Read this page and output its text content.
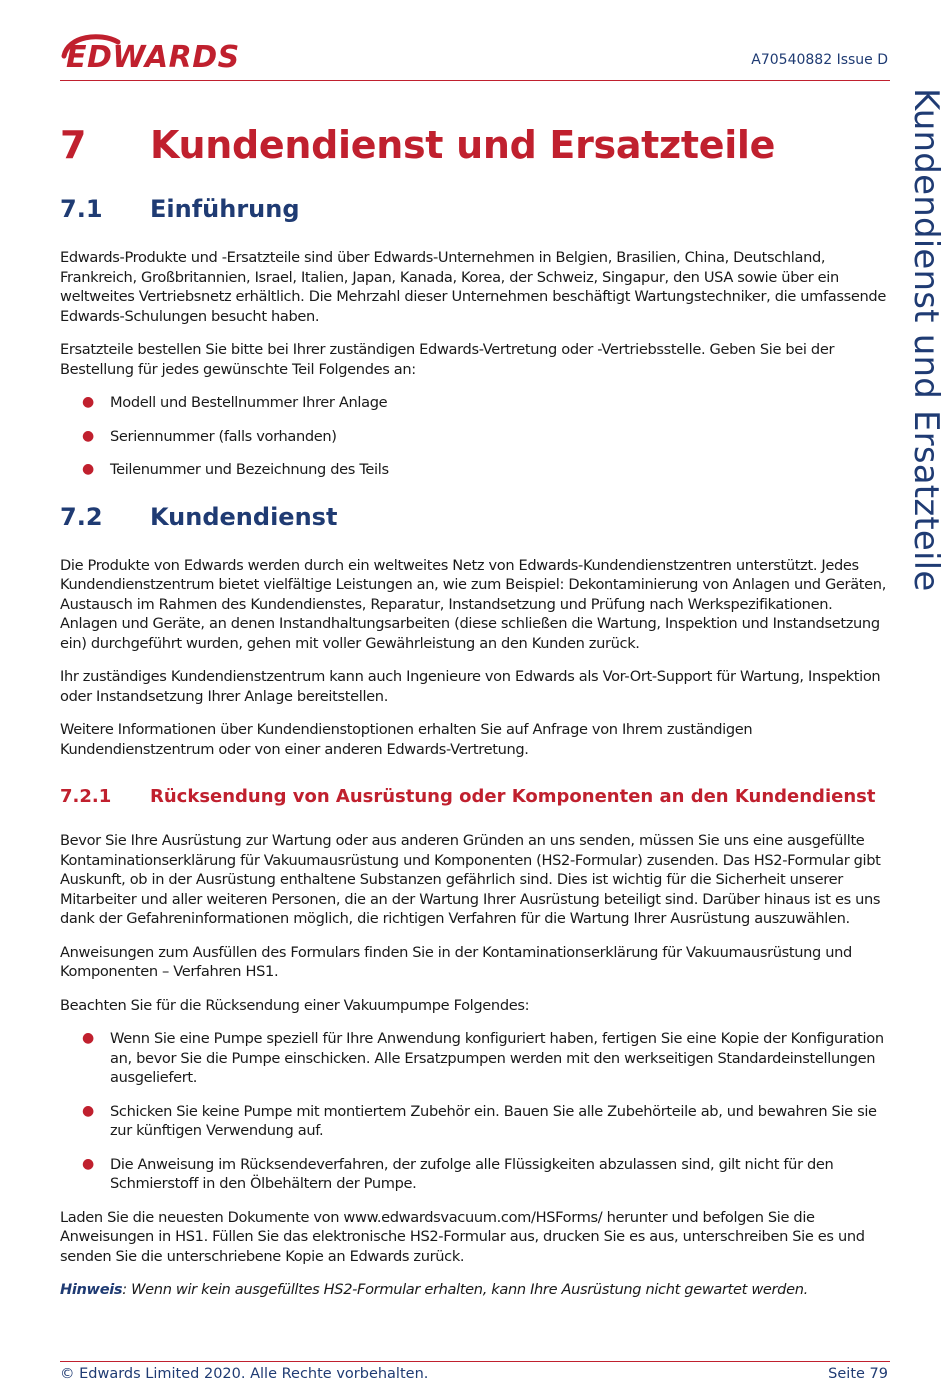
EDWARDS	A70540882 Issue D
Kundendienst und Ersatzteile
7	Kundendienst und Ersatzteile
7.1	Einführung

Edwards-Produkte und -Ersatzteile sind über Edwards-Unternehmen in Belgien, Brasilien, China, Deutschland, Frankreich, Großbritannien, Israel, Italien, Japan, Kanada, Korea, der Schweiz, Singapur, den USA sowie über ein weltweites Vertriebsnetz erhältlich. Die Mehrzahl dieser Unternehmen beschäftigt Wartungstechniker, die umfassende Edwards-Schulungen besucht haben.

Ersatzteile bestellen Sie bitte bei Ihrer zuständigen Edwards-Vertretung oder -Vertriebsstelle. Geben Sie bei der Bestellung für jedes gewünschte Teil Folgendes an:

● Modell und Bestellnummer Ihrer Anlage
● Seriennummer (falls vorhanden)
● Teilenummer und Bezeichnung des Teils
7.2	Kundendienst

Die Produkte von Edwards werden durch ein weltweites Netz von Edwards-Kundendienstzentren unterstützt. Jedes Kundendienstzentrum bietet vielfältige Leistungen an, wie zum Beispiel: Dekontaminierung von Anlagen und Geräten, Austausch im Rahmen des Kundendienstes, Reparatur, Instandsetzung und Prüfung nach Werkspezifikationen. Anlagen und Geräte, an denen Instandhaltungsarbeiten (diese schließen die Wartung, Inspektion und Instandsetzung ein) durchgeführt wurden, gehen mit voller Gewährleistung an den Kunden zurück.

Ihr zuständiges Kundendienstzentrum kann auch Ingenieure von Edwards als Vor-Ort-Support für Wartung, Inspektion oder Instandsetzung Ihrer Anlage bereitstellen.

Weitere Informationen über Kundendienstoptionen erhalten Sie auf Anfrage von Ihrem zuständigen Kundendienstzentrum oder von einer anderen Edwards-Vertretung.

7.2.1	Rücksendung von Ausrüstung oder Komponenten an den Kundendienst

Bevor Sie Ihre Ausrüstung zur Wartung oder aus anderen Gründen an uns senden, müssen Sie uns eine ausgefüllte Kontaminationserklärung für Vakuumausrüstung und Komponenten (HS2-Formular) zusenden. Das HS2-Formular gibt Auskunft, ob in der Ausrüstung enthaltene Substanzen gefährlich sind. Dies ist wichtig für die Sicherheit unserer Mitarbeiter und aller weiteren Personen, die an der Wartung Ihrer Ausrüstung beteiligt sind. Darüber hinaus ist es uns dank der Gefahreninformationen möglich, die richtigen Verfahren für die Wartung Ihrer Ausrüstung auszuwählen.

Anweisungen zum Ausfüllen des Formulars finden Sie in der Kontaminationserklärung für Vakuumausrüstung und Komponenten – Verfahren HS1.

Beachten Sie für die Rücksendung einer Vakuumpumpe Folgendes:

● Wenn Sie eine Pumpe speziell für Ihre Anwendung konfiguriert haben, fertigen Sie eine Kopie der Konfiguration an, bevor Sie die Pumpe einschicken. Alle Ersatzpumpen werden mit den werkseitigen Standardeinstellungen ausgeliefert.
● Schicken Sie keine Pumpe mit montiertem Zubehör ein. Bauen Sie alle Zubehörteile ab, und bewahren Sie sie zur künftigen Verwendung auf.
● Die Anweisung im Rücksendeverfahren, der zufolge alle Flüssigkeiten abzulassen sind, gilt nicht für den Schmierstoff in den Ölbehältern der Pumpe.

Laden Sie die neuesten Dokumente von www.edwardsvacuum.com/HSForms/ herunter und befolgen Sie die Anweisungen in HS1. Füllen Sie das elektronische HS2-Formular aus, drucken Sie es aus, unterschreiben Sie es und senden Sie die unterschriebene Kopie an Edwards zurück.

Hinweis: Wenn wir kein ausgefülltes HS2-Formular erhalten, kann Ihre Ausrüstung nicht gewartet werden.

© Edwards Limited 2020. Alle Rechte vorbehalten.	Seite 79
